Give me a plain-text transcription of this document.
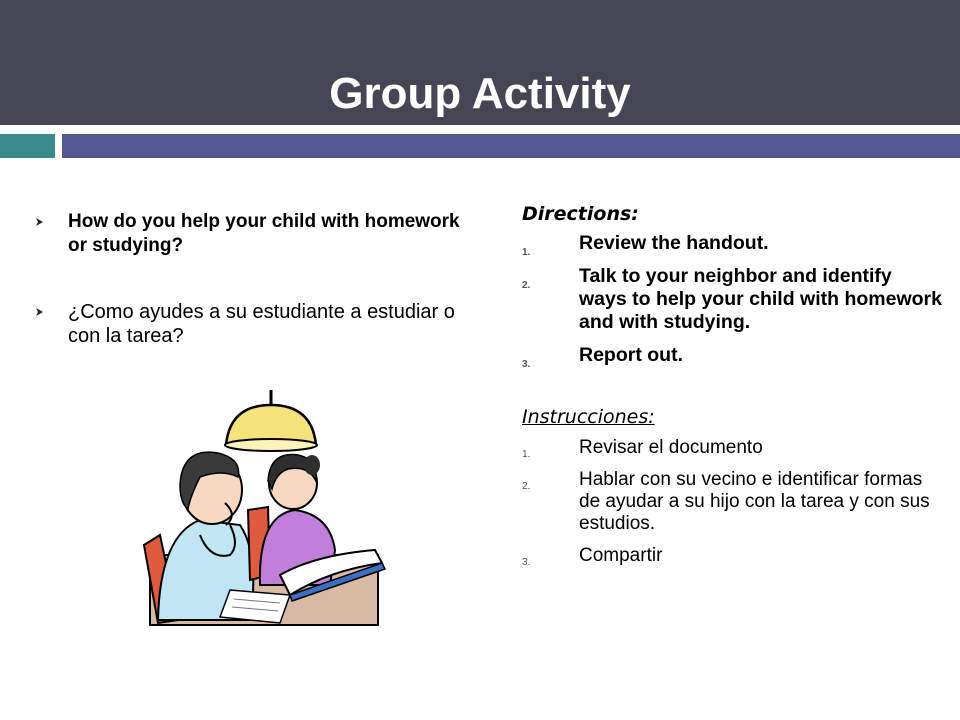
Group Activity
How do you help your child with homework or studying?
¿Como ayudes a su estudiante a estudiar o con la tarea?
Directions:
1. Review the handout.
2. Talk to your neighbor and identify ways to help your child with homework and with studying.
3. Report out.
Instrucciones:
1.	Revisar el documento
2.	Hablar con su vecino e identificar formas de ayudar a su hijo con la tarea y con sus estudios.
3.	Compartir
